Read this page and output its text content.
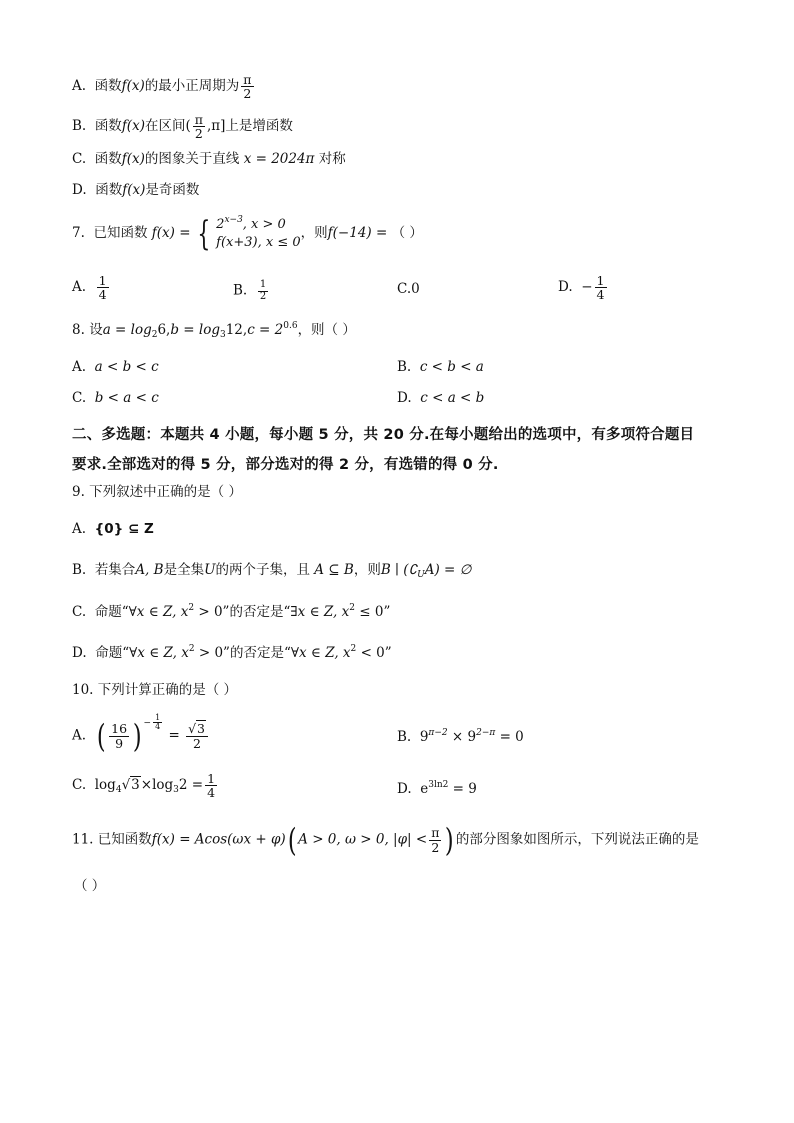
A. 函数f(x)的最小正周期为 $\frac{\pi}{2}$
B. 函数f(x)在区间( $\frac{\pi}{2} ,\pi$]上是增函数
C. 函数f(x)的图象关于直线 x = 2024π 对称
D. 函数f(x)是奇函数
7. 已知函数 f(x) = { $2^{x-3}$, x > 0
f(x+3), x ≤ 0，则f(−14) = （ ）
A. $\frac{1}{4}$	B. $\frac{1}{2}$	C.0	D. − $\frac{1}{4}$
8. 设$a = \log_26,b = \log_312,c = 2^{0.6}$，则（ ）
A. a < b < c	B. c < b < a
C. b < a < c	D. c < a < b
二、多选题：本题共 4 小题，每小题 5 分，共 20 分.在每小题给出的选项中，有多项符合题目
要求.全部选对的得 5 分，部分选对的得 2 分，有选错的得 0 分.
9. 下列叙述中正确的是（ ）
A. {0} ⊆ Z
B. 若集合A, B是全集U的两个子集，且 A ⊆ B，则B ∣ $(∁_UA)$ = ∅
C. 命题“∀x ∈ Z, $x^2 > 0$”的否定是“∃x ∈ Z, $x^2 \le 0$”
D. 命题“∀x ∈ Z, $x^2 > 0$”的否定是“∀x ∈ Z, $x^2 < 0$”
10. 下列计算正确的是（ ）
A. ( $\frac{16}{9}$ ) − $\frac{1}{4}$
= $\frac{√3}{2}$	B. $9^{\pi-2} \times 9^{2-\pi} = 0$
C. $\log_4√3\times\log_32 = \frac{1}{4}$	D. $e^{3ln2} = 9$
11. 已知函数f(x) = Acos(ωx + φ)( A > 0, ω > 0, $|\varphi| < \frac{\pi}{2}$ ) 的部分图象如图所示，下列说法正确的是
（ ）
